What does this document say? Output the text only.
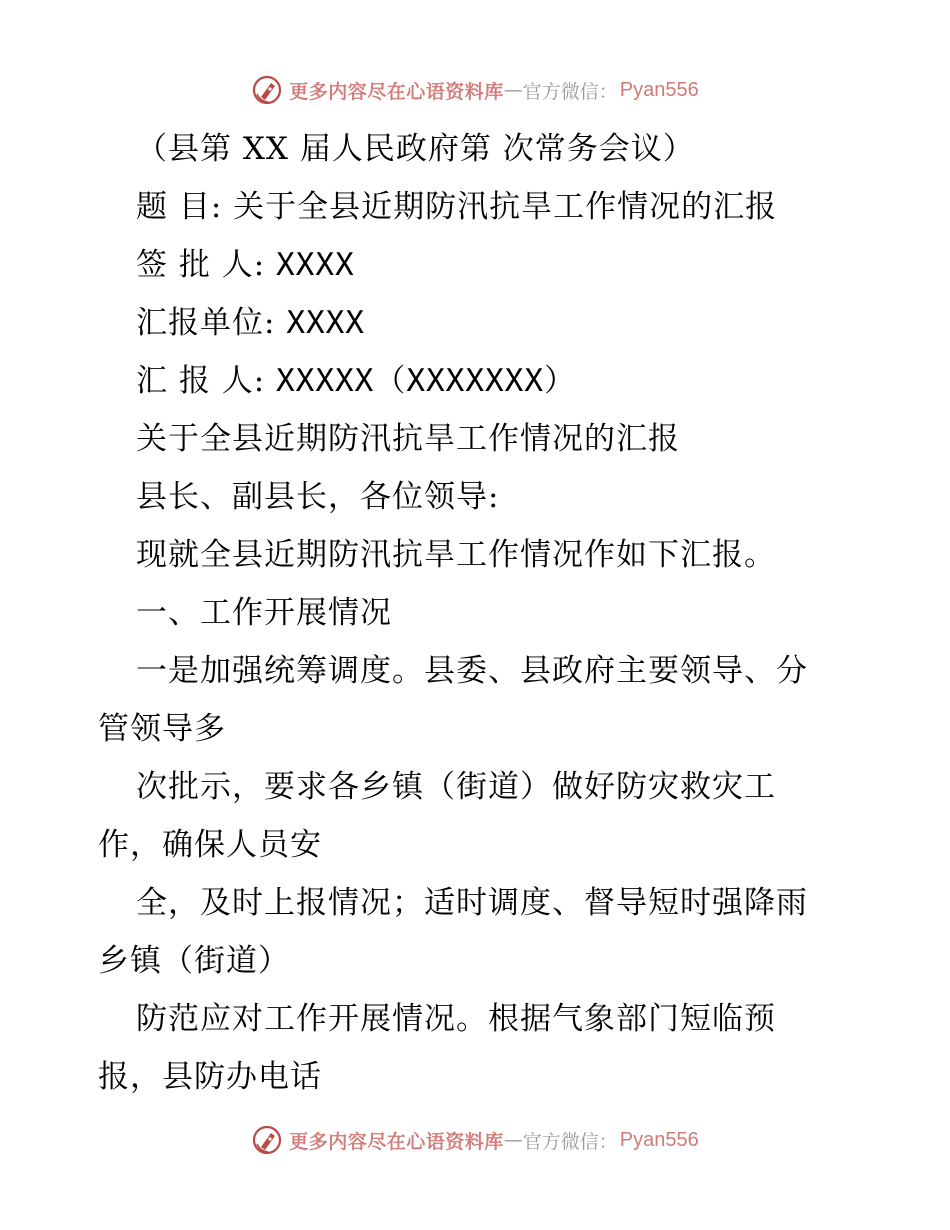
更多内容尽在心语资料库 — 官方微信： Pyan556

（县第 XX 届人民政府第 次常务会议）

题 目: 关于全县近期防汛抗旱工作情况的汇报

签 批 人: XXXX

汇报单位: XXXX

汇 报 人: XXXXX（XXXXXXX）

关于全县近期防汛抗旱工作情况的汇报

县长、副县长，各位领导:

现就全县近期防汛抗旱工作情况作如下汇报。

一、工作开展情况

一是加强统筹调度。县委、县政府主要领导、分

管领导多

次批示，要求各乡镇（街道）做好防灾救灾工

作，确保人员安

全，及时上报情况；适时调度、督导短时强降雨

乡镇（街道）

防范应对工作开展情况。根据气象部门短临预

报，县防办电话

更多内容尽在心语资料库 — 官方微信： Pyan556
